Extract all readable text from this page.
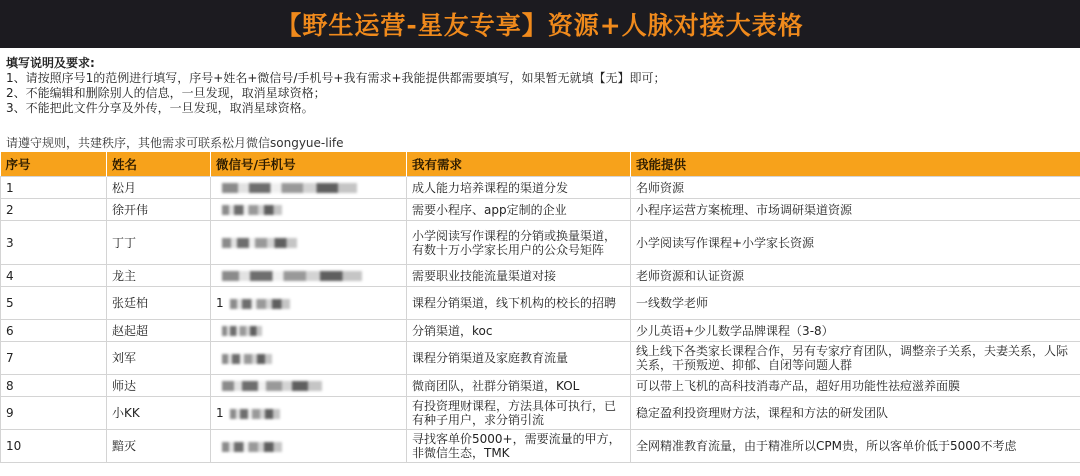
【野生运营-星友专享】资源+人脉对接大表格
填写说明及要求:
1、请按照序号1的范例进行填写，序号+姓名+微信号/手机号+我有需求+我能提供都需要填写，如果暂无就填【无】即可；
2、不能编辑和删除别人的信息，一旦发现，取消星球资格；
3、不能把此文件分享及外传，一旦发现，取消星球资格。
请遵守规则，共建秩序，其他需求可联系松月微信songyue-life
序号	姓名	微信号/手机号	我有需求	我能提供
1	松月		成人能力培养课程的渠道分发	名师资源
2	徐开伟		需要小程序、app定制的企业	小程序运营方案梳理、市场调研渠道资源
3	丁丁		小学阅读写作课程的分销或换量渠道，有数十万小学家长用户的公众号矩阵	小学阅读写作课程+小学家长资源
4	龙主		需要职业技能流量渠道对接	老师资源和认证资源
5	张廷柏	1	课程分销渠道，线下机构的校长的招聘	一线数学老师
6	赵起超		分销渠道，koc	少儿英语+少儿数学品牌课程（3-8）
7	刘军		课程分销渠道及家庭教育流量	线上线下各类家长课程合作，另有专家疗育团队，调整亲子关系，夫妻关系，人际关系，干预叛逆、抑郁、自闭等问题人群
8	师达		微商团队，社群分销渠道，KOL	可以带上飞机的高科技消毒产品，超好用功能性祛痘滋养面膜
9	小KK	1	有投资理财课程，方法具体可执行，已有种子用户，求分销引流	稳定盈利投资理财方法，课程和方法的研发团队
10	黯灭		寻找客单价5000+，需要流量的甲方，非微信生态，TMK	全网精准教育流量，由于精准所以CPM贵，所以客单价低于5000不考虑
